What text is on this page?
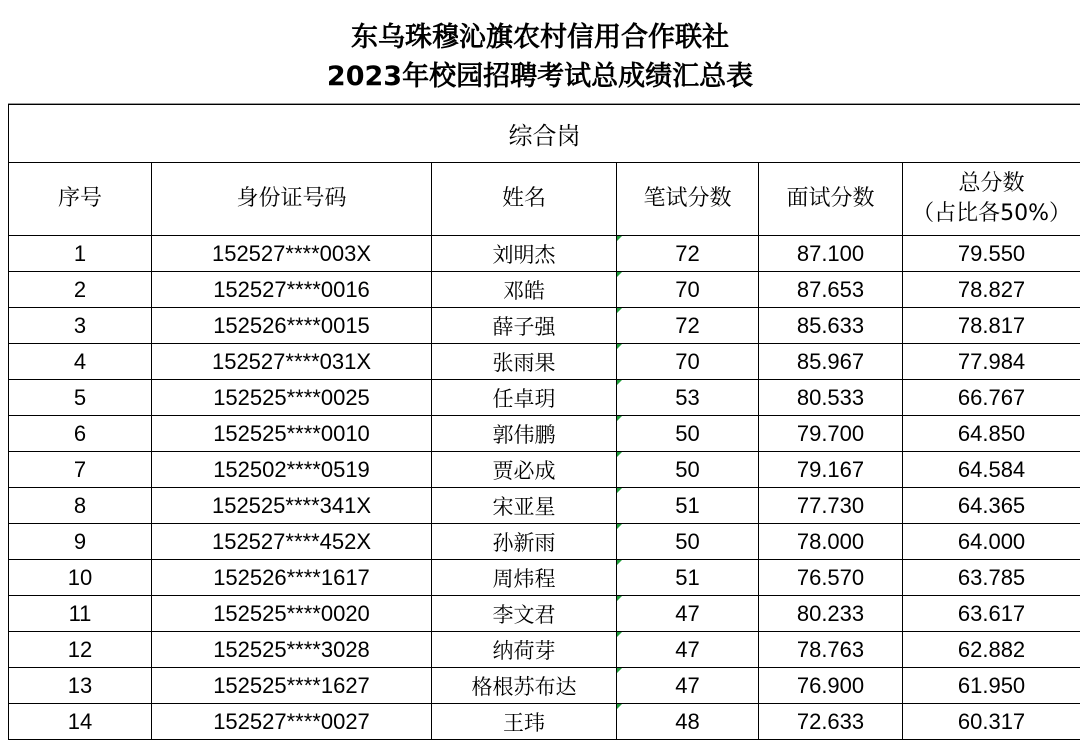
东乌珠穆沁旗农村信用合作联社
2023年校园招聘考试总成绩汇总表
综合岗					
序号	身份证号码	姓名	笔试分数	面试分数	总分数
（占比各50%）

1	152527****003X	刘明杰	72	87.100	79.550
2	152527****0016	邓皓	70	87.653	78.827
3	152526****0015	薛子强	72	85.633	78.817
4	152527****031X	张雨果	70	85.967	77.984
5	152525****0025	任卓玥	53	80.533	66.767
6	152525****0010	郭伟鹏	50	79.700	64.850
7	152502****0519	贾必成	50	79.167	64.584
8	152525****341X	宋亚星	51	77.730	64.365
9	152527****452X	孙新雨	50	78.000	64.000
10	152526****1617	周炜程	51	76.570	63.785
11	152525****0020	李文君	47	80.233	63.617
12	152525****3028	纳荷芽	47	78.763	62.882
13	152525****1627	格根苏布达	47	76.900	61.950
14	152527****0027	王玮	48	72.633	60.317
